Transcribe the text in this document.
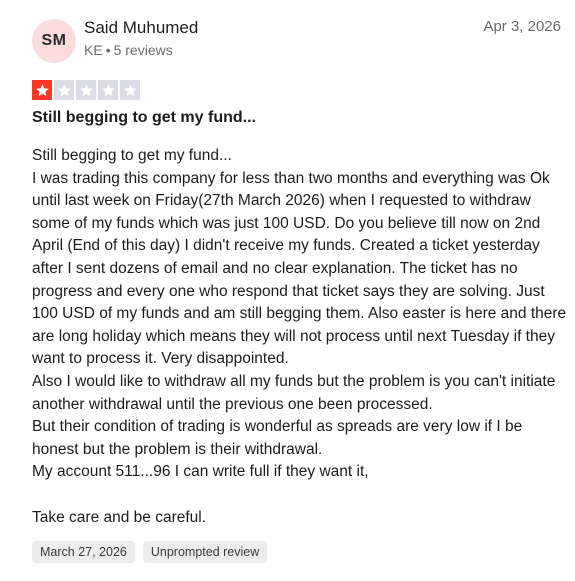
SM
Said Muhumed
KE • 5 reviews
Apr 3, 2026
Still begging to get my fund...

Still begging to get my fund...
I was trading this company for less than two months and everything was Ok until last week on Friday(27th March 2026) when I requested to withdraw some of my funds which was just 100 USD. Do you believe till now on 2nd April (End of this day) I didn't receive my funds. Created a ticket yesterday after I sent dozens of email and no clear explanation. The ticket has no progress and every one who respond that ticket says they are solving. Just 100 USD of my funds and am still begging them. Also easter is here and there are long holiday which means they will not process until next Tuesday if they want to process it. Very disappointed.
Also I would like to withdraw all my funds but the problem is you can't initiate another withdrawal until the previous one been processed.
But their condition of trading is wonderful as spreads are very low if I be honest but the problem is their withdrawal.
My account 511...96 I can write full if they want it,

Take care and be careful.

March 27, 2026	Unprompted review
